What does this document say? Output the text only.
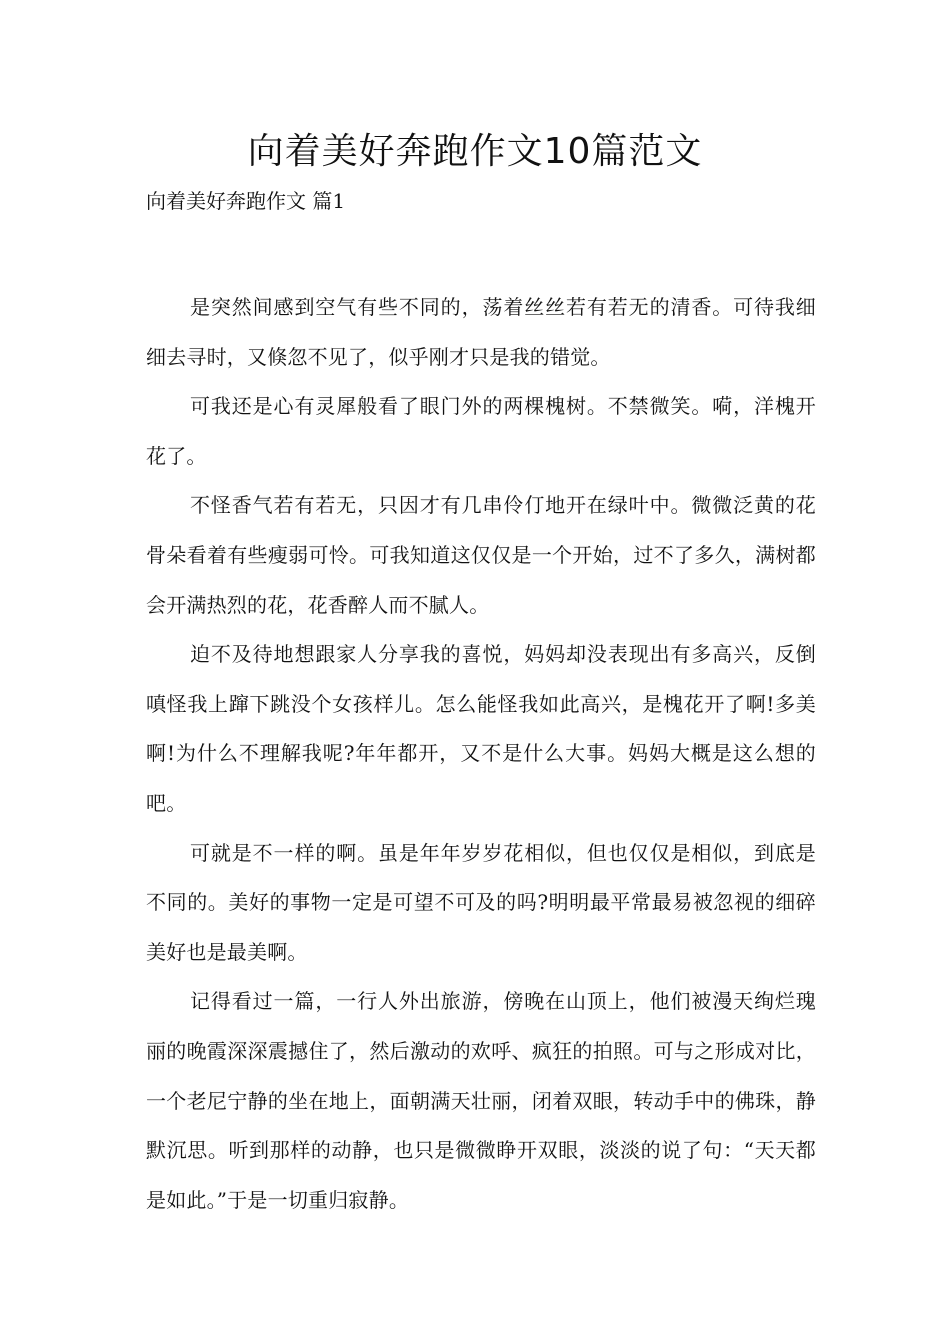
向着美好奔跑作文10篇范文

向着美好奔跑作文 篇1

是突然间感到空气有些不同的，荡着丝丝若有若无的清香。可待我细细去寻时，又倏忽不见了，似乎刚才只是我的错觉。

可我还是心有灵犀般看了眼门外的两棵槐树。不禁微笑。嗬，洋槐开花了。

不怪香气若有若无，只因才有几串伶仃地开在绿叶中。微微泛黄的花骨朵看着有些瘦弱可怜。可我知道这仅仅是一个开始，过不了多久，满树都会开满热烈的花，花香醉人而不腻人。

迫不及待地想跟家人分享我的喜悦，妈妈却没表现出有多高兴，反倒嗔怪我上蹿下跳没个女孩样儿。怎么能怪我如此高兴，是槐花开了啊!多美啊!为什么不理解我呢?年年都开，又不是什么大事。妈妈大概是这么想的吧。

可就是不一样的啊。虽是年年岁岁花相似，但也仅仅是相似，到底是不同的。美好的事物一定是可望不可及的吗?明明最平常最易被忽视的细碎美好也是最美啊。

记得看过一篇，一行人外出旅游，傍晚在山顶上，他们被漫天绚烂瑰丽的晚霞深深震撼住了，然后激动的欢呼、疯狂的拍照。可与之形成对比，一个老尼宁静的坐在地上，面朝满天壮丽，闭着双眼，转动手中的佛珠，静默沉思。听到那样的动静，也只是微微睁开双眼，淡淡的说了句：“天天都是如此。”于是一切重归寂静。
